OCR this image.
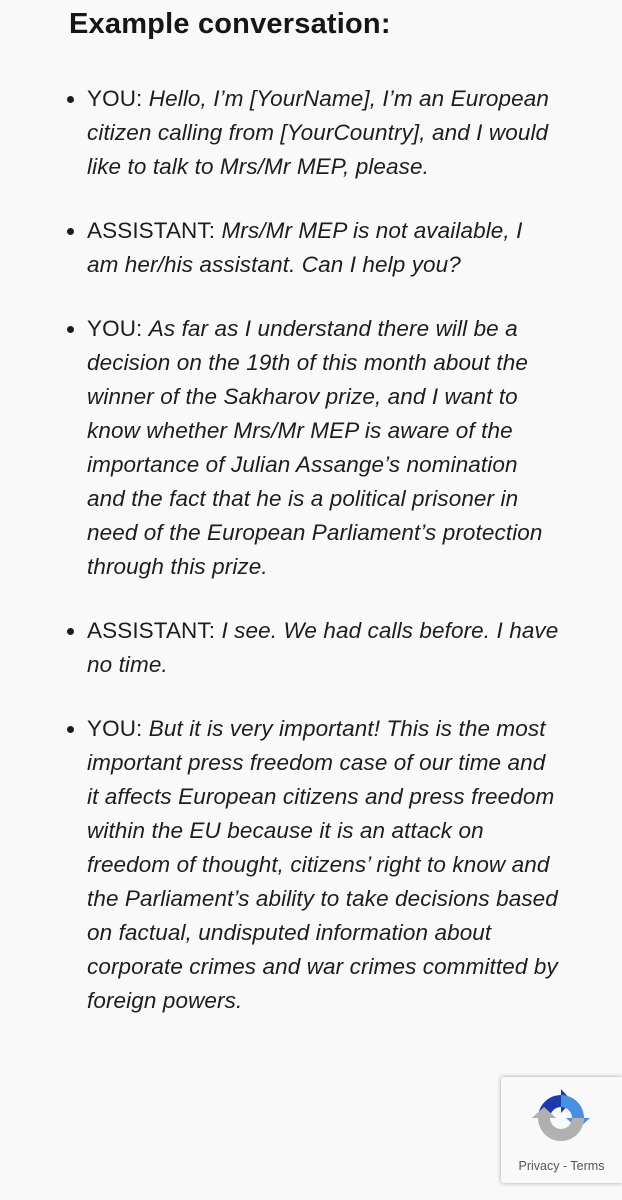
Example conversation:
YOU: Hello, I’m [YourName], I’m an European citizen calling from [YourCountry], and I would like to talk to Mrs/Mr MEP, please.
ASSISTANT: Mrs/Mr MEP is not available, I am her/his assistant. Can I help you?
YOU: As far as I understand there will be a decision on the 19th of this month about the winner of the Sakharov prize, and I want to know whether Mrs/Mr MEP is aware of the importance of Julian Assange’s nomination and the fact that he is a political prisoner in need of the European Parliament’s protection through this prize.
ASSISTANT: I see. We had calls before. I have no time.
YOU: But it is very important! This is the most important press freedom case of our time and it affects European citizens and press freedom within the EU because it is an attack on freedom of thought, citizens’ right to know and the Parliament’s ability to take decisions based on factual, undisputed information about corporate crimes and war crimes committed by foreign powers.
Privacy - Terms
